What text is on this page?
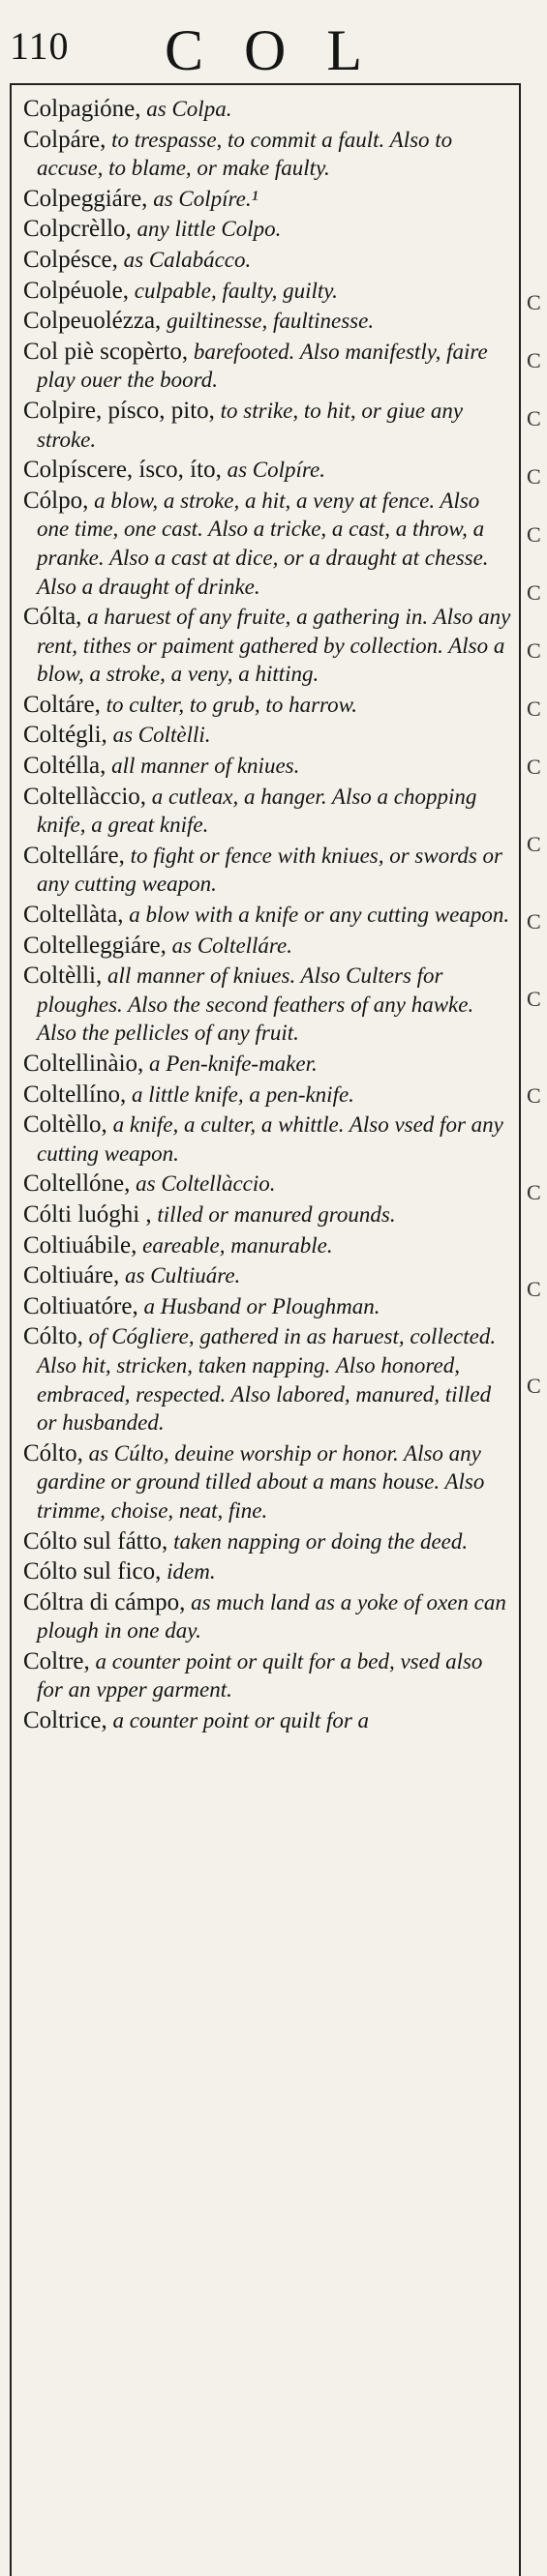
110 COL

Colpagióne, as Colpa.

Colpáre, to trespasse, to commit a fault. Also to accuse, to blame, or make faulty.

Colpeggiáre, as Colpíre.¹

Colpcrèllo, any little Colpo.

Colpésce, as Calabácco.

Colpéuole, culpable, faulty, guilty.

Colpeuolézza, guiltinesse, faultinesse.

Col piè scopèrto, barefooted. Also manifestly, faire play ouer the boord.

Colpire, písco, pito, to strike, to hit, or giue any stroke.

Colpíscere, ísco, íto, as Colpíre.

Cólpo, a blow, a stroke, a hit, a veny at fence. Also one time, one cast. Also a tricke, a cast, a throw, a pranke. Also a cast at dice, or a draught at chesse. Also a draught of drinke.

Cólta, a haruest of any fruite, a gathering in. Also any rent, tithes or paiment gathered by collection. Also a blow, a stroke, a veny, a hitting.

Coltáre, to culter, to grub, to harrow.

Coltégli, as Coltèlli.

Coltélla, all manner of kniues.

Coltellàccio, a cutleax, a hanger. Also a chopping knife, a great knife.

Coltelláre, to fight or fence with kniues, or swords or any cutting weapon.

Coltellàta, a blow with a knife or any cutting weapon.

Coltelleggiáre, as Coltelláre.

Coltèlli, all manner of kniues. Also Culters for ploughes. Also the second feathers of any hawke. Also the pellicles of any fruit.

Coltellinàio, a Pen-knife-maker.

Coltellíno, a little knife, a pen-knife.

Coltèllo, a knife, a culter, a whittle. Also vsed for any cutting weapon.

Coltellóne, as Coltellàccio.

Cólti luóghi , tilled or manured grounds.

Coltiuábile, eareable, manurable.

Coltiuáre, as Cultiuáre.

Coltiuatóre, a Husband or Ploughman.

Cólto, of Cógliere, gathered in as haruest, collected. Also hit, stricken, taken napping. Also honored, embraced, respected. Also labored, manured, tilled or husbanded.

Cólto, as Cúlto, deuine worship or honor. Also any gardine or ground tilled about a mans house. Also trimme, choise, neat, fine.

Cólto sul fátto, taken napping or doing the deed.

Cólto sul fico, idem.

Cóltra di cámpo, as much land as a yoke of oxen can plough in one day.

Coltre, a counter point or quilt for a bed, vsed also for an vpper garment.

Coltrice, a counter point or quilt for a

C
C
C
C
C
C
C
C
C
C
C
C
C
C
C
C
